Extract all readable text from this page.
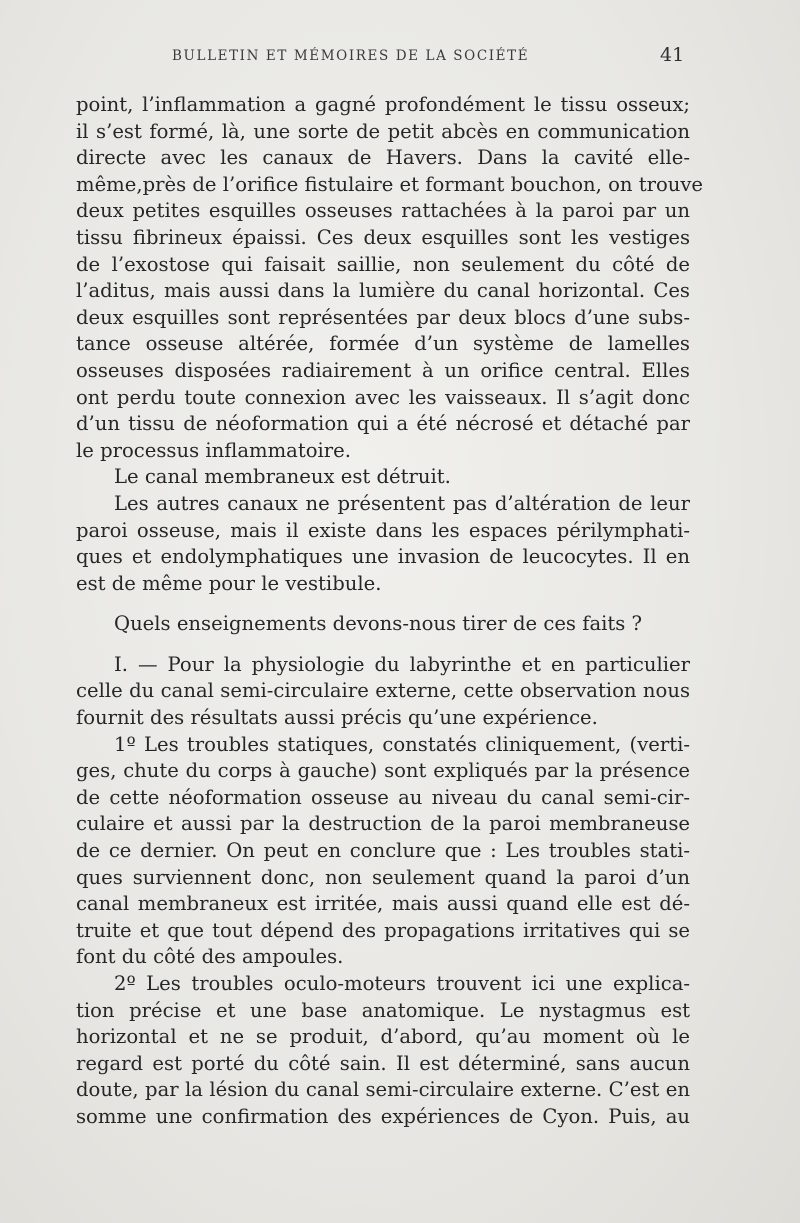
BULLETIN ET MÉMOIRES DE LA SOCIÉTÉ	41
point, l’inflammation a gagné profondément le tissu osseux;
il s’est formé, là, une sorte de petit abcès en communication
directe avec les canaux de Havers. Dans la cavité elle-
même,près de l’orifice fistulaire et formant bouchon, on trouve
deux petites esquilles osseuses rattachées à la paroi par un
tissu fibrineux épaissi. Ces deux esquilles sont les vestiges
de l’exostose qui faisait saillie, non seulement du côté de
l’aditus, mais aussi dans la lumière du canal horizontal. Ces
deux esquilles sont représentées par deux blocs d’une subs-
tance osseuse altérée, formée d’un système de lamelles
osseuses disposées radiairement à un orifice central. Elles
ont perdu toute connexion avec les vaisseaux. Il s’agit donc
d’un tissu de néoformation qui a été nécrosé et détaché par
le processus inflammatoire.
Le canal membraneux est détruit.
Les autres canaux ne présentent pas d’altération de leur
paroi osseuse, mais il existe dans les espaces périlymphati-
ques et endolymphatiques une invasion de leucocytes. Il en
est de même pour le vestibule.
Quels enseignements devons-nous tirer de ces faits ?
I. — Pour la physiologie du labyrinthe et en particulier
celle du canal semi-circulaire externe, cette observation nous
fournit des résultats aussi précis qu’une expérience.
1º Les troubles statiques, constatés cliniquement, (verti-
ges, chute du corps à gauche) sont expliqués par la présence
de cette néoformation osseuse au niveau du canal semi-cir-
culaire et aussi par la destruction de la paroi membraneuse
de ce dernier. On peut en conclure que : Les troubles stati-
ques surviennent donc, non seulement quand la paroi d’un
canal membraneux est irritée, mais aussi quand elle est dé-
truite et que tout dépend des propagations irritatives qui se
font du côté des ampoules.
2º Les troubles oculo-moteurs trouvent ici une explica-
tion précise et une base anatomique. Le nystagmus est
horizontal et ne se produit, d’abord, qu’au moment où le
regard est porté du côté sain. Il est déterminé, sans aucun
doute, par la lésion du canal semi-circulaire externe. C’est en
somme une confirmation des expériences de Cyon. Puis, au
